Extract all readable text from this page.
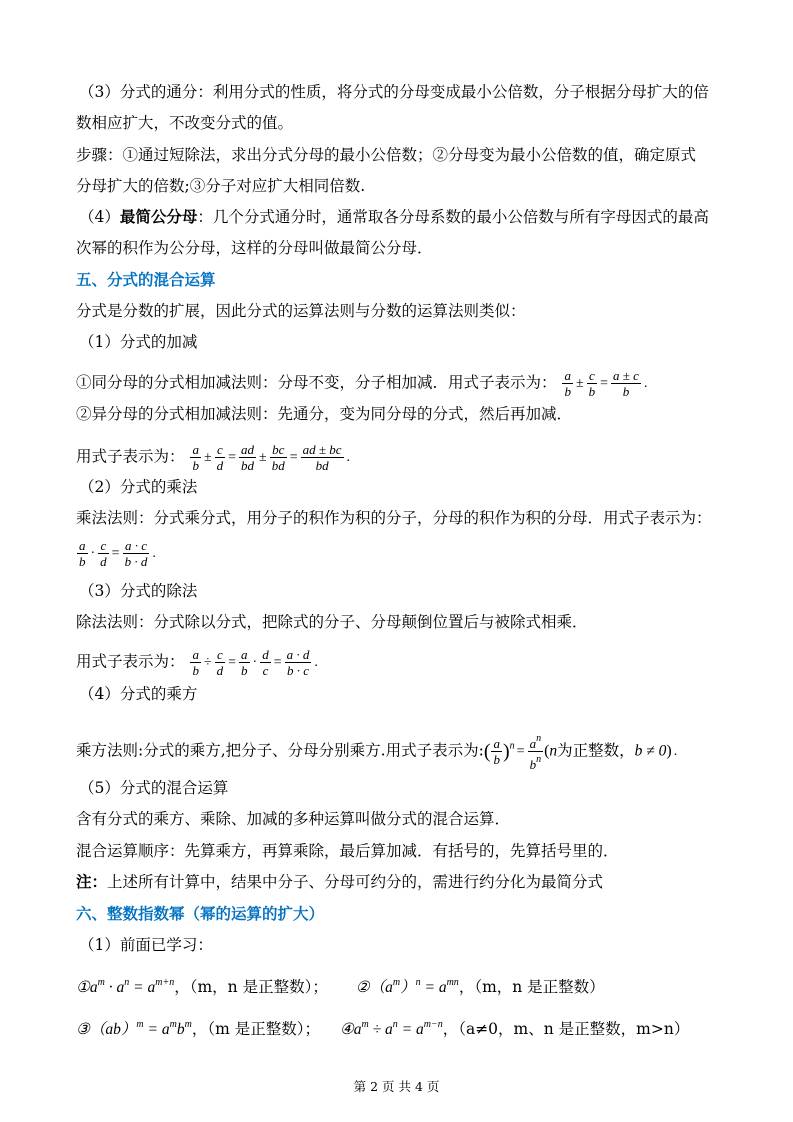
（3）分式的通分：利用分式的性质，将分式的分母变成最小公倍数，分子根据分母扩大的倍
数相应扩大，不改变分式的值。
步骤：①通过短除法，求出分式分母的最小公倍数；②分母变为最小公倍数的值，确定原式
分母扩大的倍数;③分子对应扩大相同倍数.
（4）最简公分母：几个分式通分时，通常取各分母系数的最小公倍数与所有字母因式的最高
次幂的积作为公分母，这样的分母叫做最简公分母．
五、分式的混合运算
分式是分数的扩展，因此分式的运算法则与分数的运算法则类似：
（1）分式的加减
①同分母的分式相加减法则：分母不变，分子相加减．用式子表示为： $\frac{a}{b} \pm \frac{c}{b} = \frac{a \pm c}{b}$ .
②异分母的分式相加减法则：先通分，变为同分母的分式，然后再加减．
用式子表示为： $\frac{a}{b} \pm \frac{c}{d} = \frac{ad}{bd} \pm \frac{bc}{bd} = \frac{ad \pm bc}{bd}$ .
（2）分式的乘法
乘法法则：分式乘分式，用分子的积作为积的分子，分母的积作为积的分母．用式子表示为：
$\frac{a}{b} \cdot \frac{c}{d} = \frac{a \cdot c}{b \cdot d}$ .
（3）分式的除法
除法法则：分式除以分式，把除式的分子、分母颠倒位置后与被除式相乘．
用式子表示为： $\frac{a}{b} \div \frac{c}{d} = \frac{a}{b} \cdot \frac{d}{c} = \frac{a \cdot d}{b \cdot c}$ .
（4）分式的乘方
乘方法则:分式的乘方,把分子、分母分别乘方.用式子表示为:( $\frac{a}{b} )^n = \frac{a^n}{b^n} (n$为正整数，b ≠ 0) .
（5）分式的混合运算
含有分式的乘方、乘除、加减的多种运算叫做分式的混合运算．
混合运算顺序：先算乘方，再算乘除，最后算加减．有括号的，先算括号里的．
注：上述所有计算中，结果中分子、分母可约分的，需进行约分化为最简分式
六、整数指数幂（幂的运算的扩大）
（1）前面已学习：
$①a^m \cdot a^n = a^{m+n}$，（m，n 是正整数）； $②(a^m)^n = a^{mn}$，（m，n 是正整数）
③（ab）$^m$ = $a^mb^m$，（m 是正整数）； $④a^m \div a^n = a^{m-n}$，（a≠0，m、n 是正整数，m>n）
第 2 页 共 4 页
